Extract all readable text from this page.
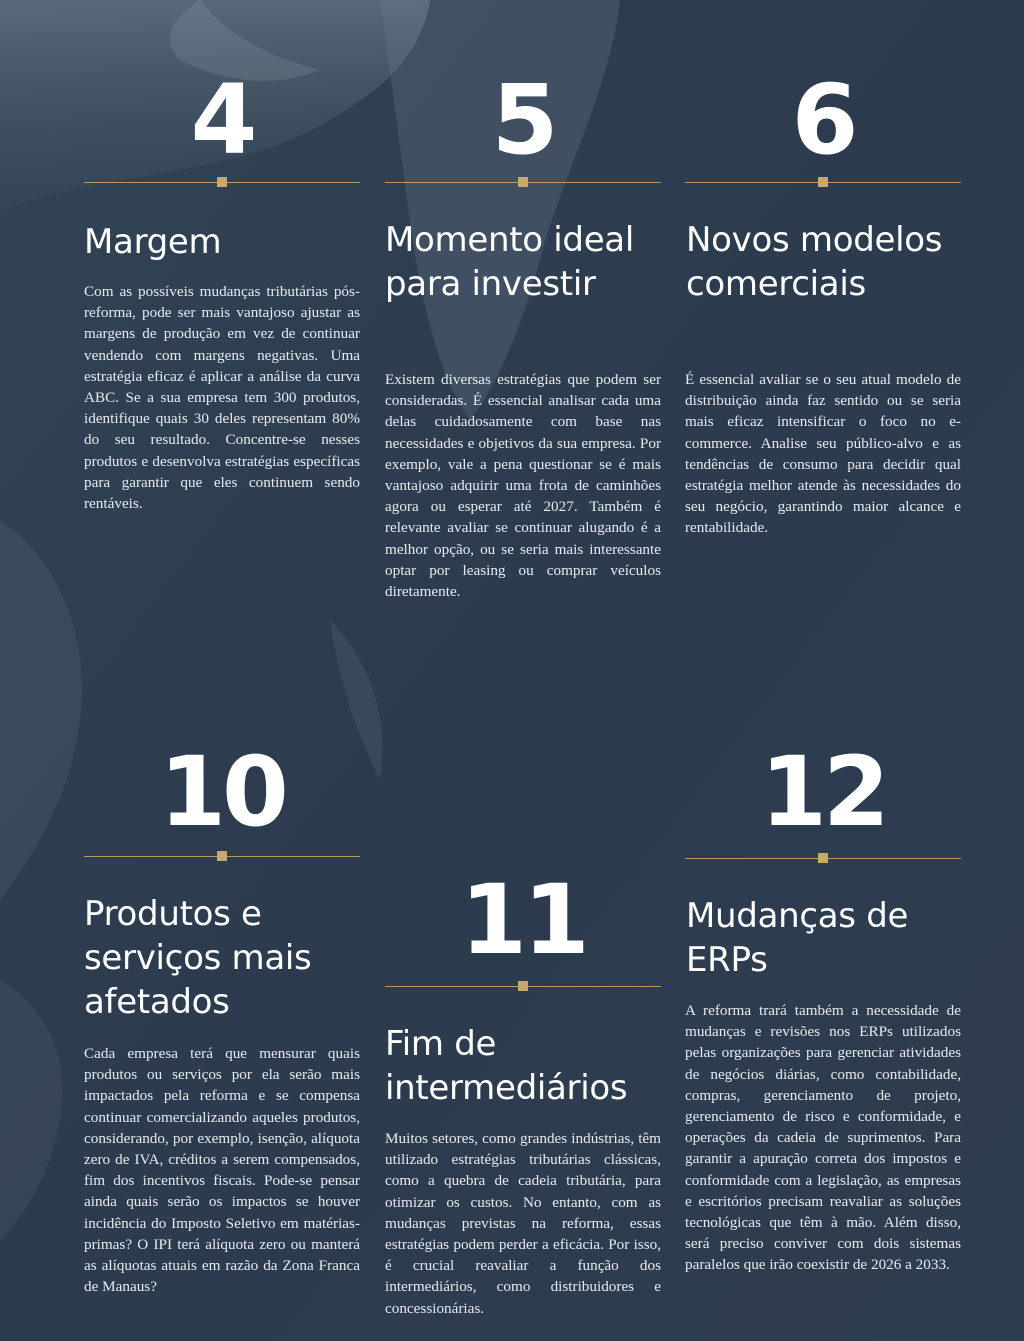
4
Margem

Com as possíveis mudanças tributárias pós-reforma, pode ser mais vantajoso ajustar as margens de produção em vez de continuar vendendo com margens negativas. Uma estratégia eficaz é aplicar a análise da curva ABC. Se a sua empresa tem 300 produtos, identifique quais 30 deles representam 80% do seu resultado. Concentre-se nesses produtos e desenvolva estratégias específicas para garantir que eles continuem sendo rentáveis.

5
Momento ideal para investir

Existem diversas estratégias que podem ser consideradas. É essencial analisar cada uma delas cuidadosamente com base nas necessidades e objetivos da sua empresa. Por exemplo, vale a pena questionar se é mais vantajoso adquirir uma frota de caminhões agora ou esperar até 2027. Também é relevante avaliar se continuar alugando é a melhor opção, ou se seria mais interessante optar por leasing ou comprar veículos diretamente.

6
Novos modelos comerciais

É essencial avaliar se o seu atual modelo de distribuição ainda faz sentido ou se seria mais eficaz intensificar o foco no e-commerce. Analise seu público-alvo e as tendências de consumo para decidir qual estratégia melhor atende às necessidades do seu negócio, garantindo maior alcance e rentabilidade.

10
Produtos e serviços mais afetados

Cada empresa terá que mensurar quais produtos ou serviços por ela serão mais impactados pela reforma e se compensa continuar comercializando aqueles produtos, considerando, por exemplo, isenção, alíquota zero de IVA, créditos a serem compensados, fim dos incentivos fiscais. Pode-se pensar ainda quais serão os impactos se houver incidência do Imposto Seletivo em matérias-primas? O IPI terá alíquota zero ou manterá as alíquotas atuais em razão da Zona Franca de Manaus?

11
Fim de intermediários

Muitos setores, como grandes indústrias, têm utilizado estratégias tributárias clássicas, como a quebra de cadeia tributária, para otimizar os custos. No entanto, com as mudanças previstas na reforma, essas estratégias podem perder a eficácia. Por isso, é crucial reavaliar a função dos intermediários, como distribuidores e concessionárias.

12
Mudanças de ERPs

A reforma trará também a necessidade de mudanças e revisões nos ERPs utilizados pelas organizações para gerenciar atividades de negócios diárias, como contabilidade, compras, gerenciamento de projeto, gerenciamento de risco e conformidade, e operações da cadeia de suprimentos. Para garantir a apuração correta dos impostos e conformidade com a legislação, as empresas e escritórios precisam reavaliar as soluções tecnológicas que têm à mão. Além disso, será preciso conviver com dois sistemas paralelos que irão coexistir de 2026 a 2033.
